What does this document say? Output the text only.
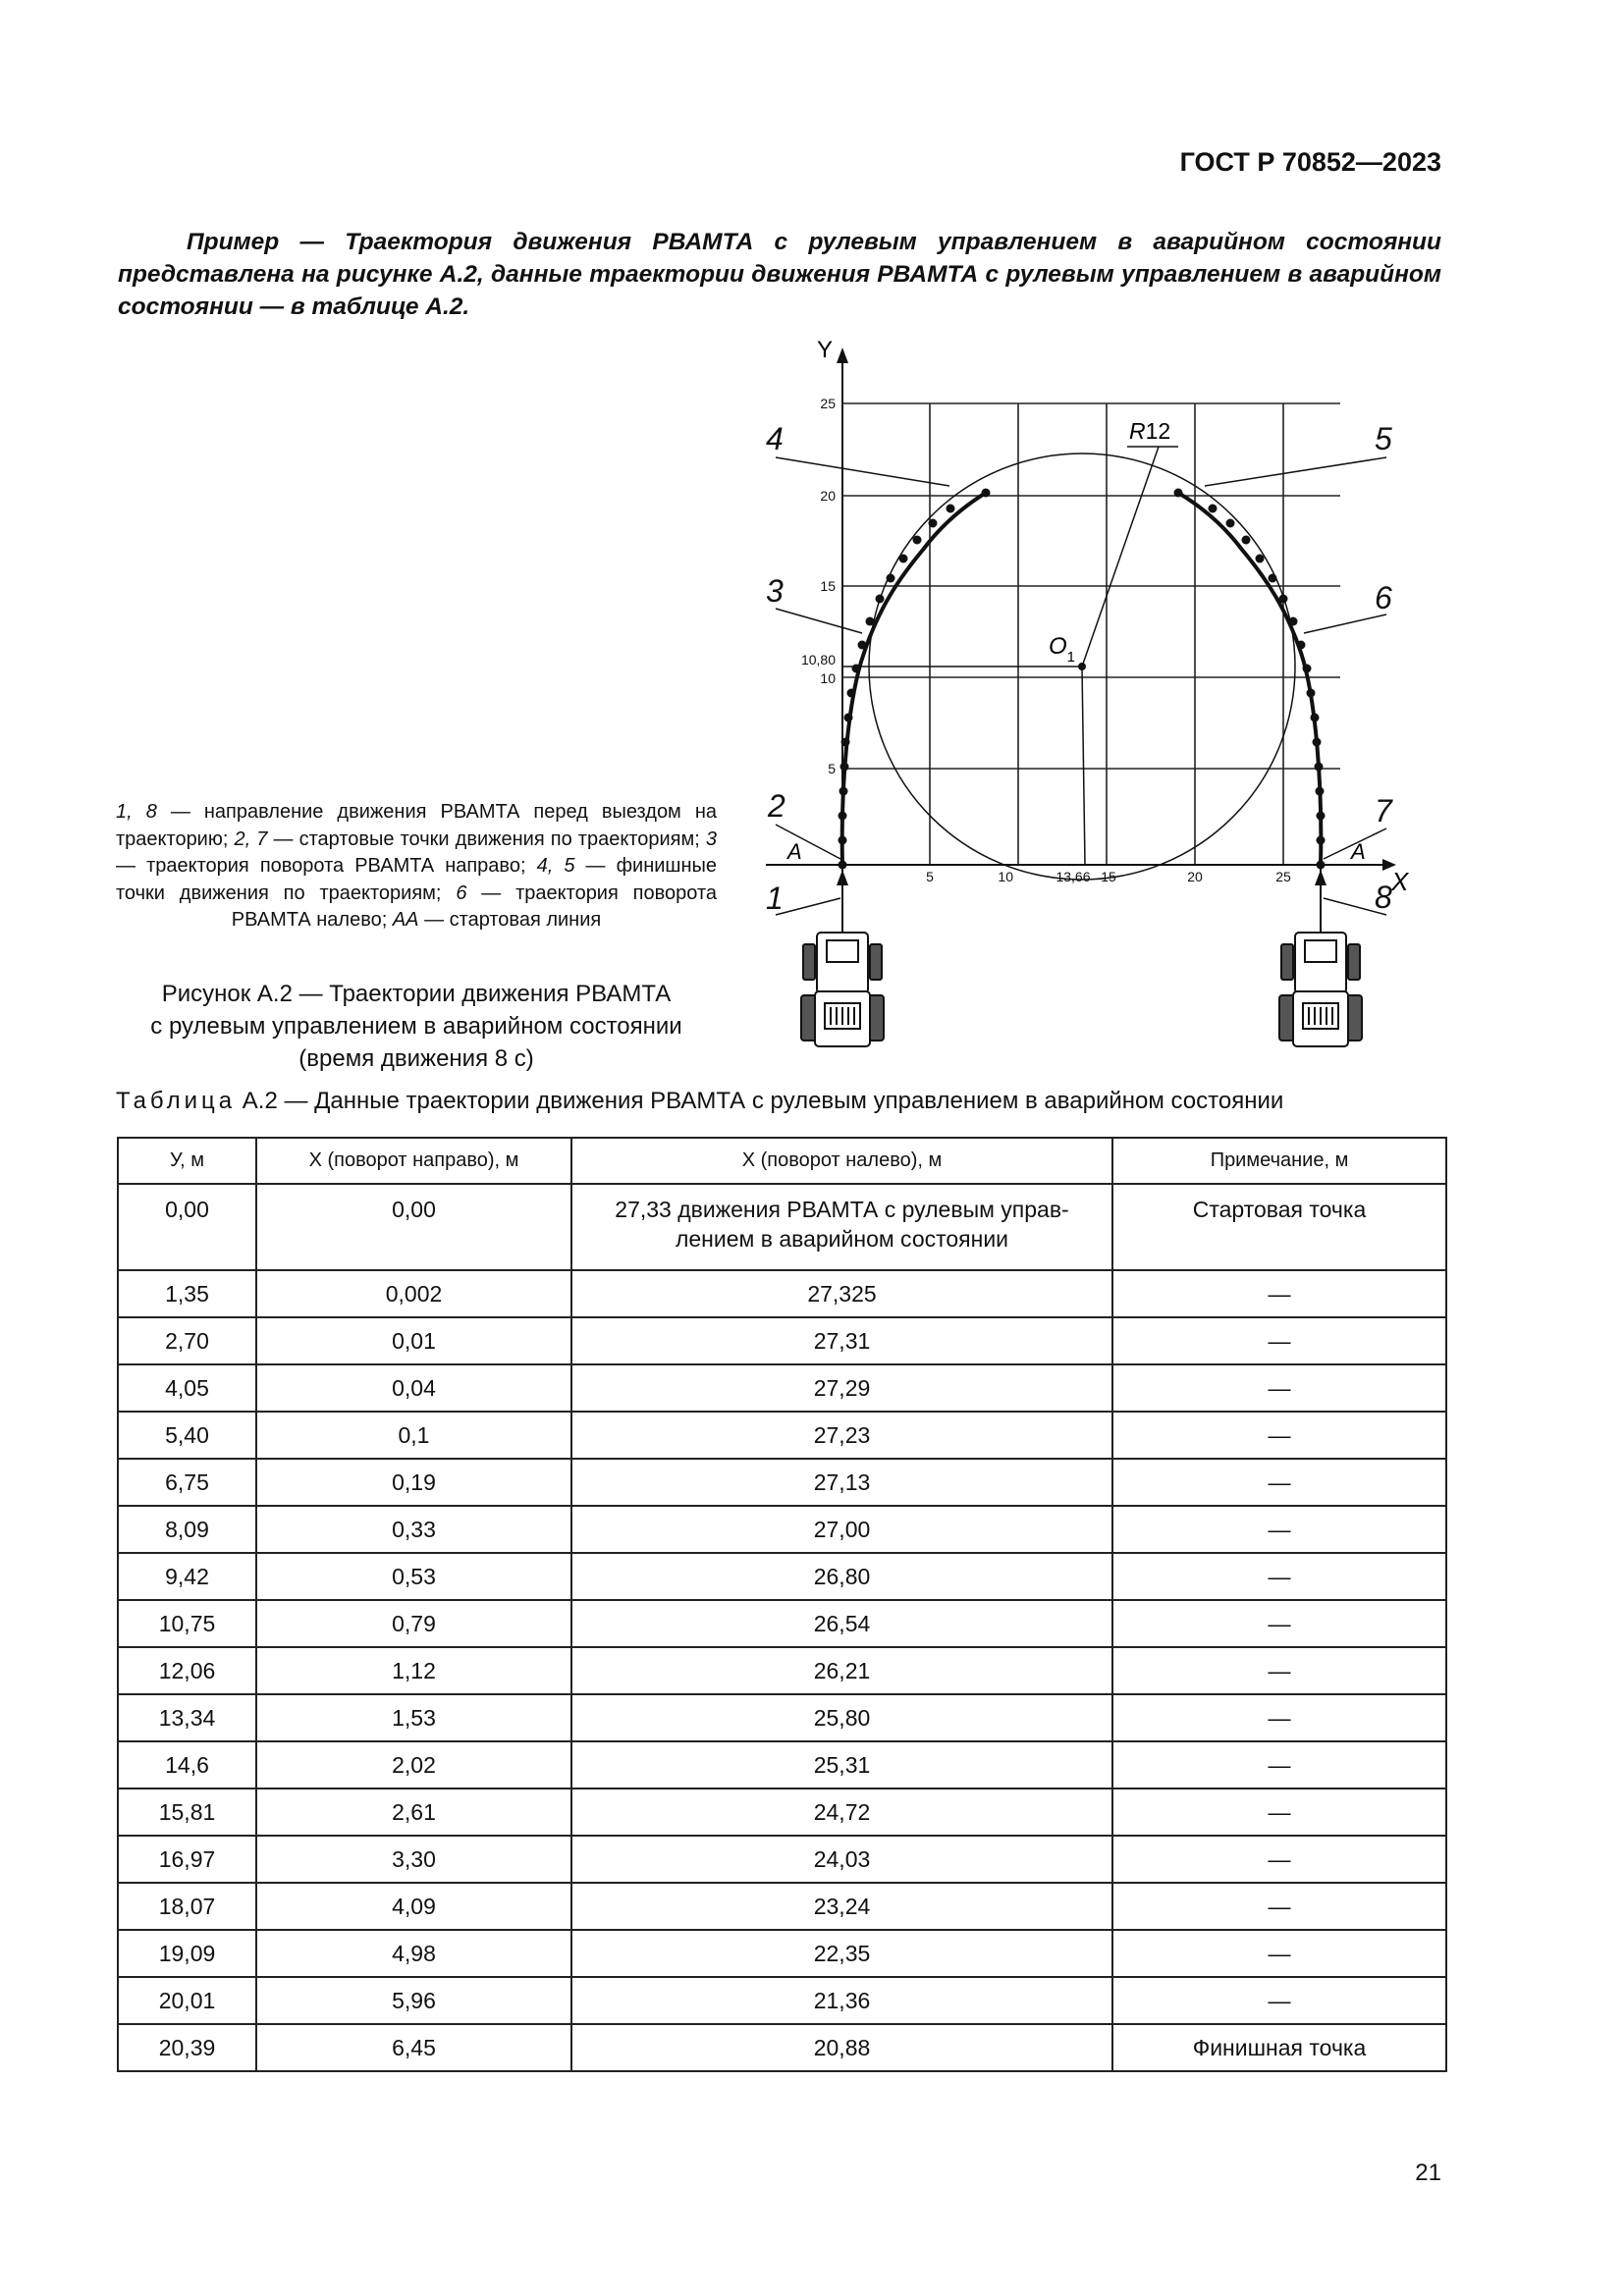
ГОСТ Р 70852—2023
Пример — Траектория движения РВАМТА с рулевым управлением в аварийном состоянии представлена на рисунке А.2, данные траектории движения РВАМТА с рулевым управлением в аварийном состоянии — в таблице А.2.
Y
X
25
20
15
10,80
10
5
5	10	13,66 15	20	25
R12
$O_1$
4	5
3	6
2	7
1	8
A	A
1, 8 — направление движения РВАМТА перед выездом на траекторию; 2, 7 — стартовые точки движения по траекториям; 3 — траектория поворота РВАМТА направо; 4, 5 — финишные точки движения по траекториям; 6 — траектория поворота РВАМТА налево; АА — стартовая линия
Рисунок А.2 — Траектории движения РВАМТА
с рулевым управлением в аварийном состоянии
(время движения 8 с)
Таблица А.2 — Данные траектории движения РВАМТА с рулевым управлением в аварийном состоянии
У, м	Х (поворот направо), м	Х (поворот налево), м	Примечание, м
0,00	0,00	27,33 движения РВАМТА с рулевым управ-лением в аварийном состоянии	Стартовая точка
1,35	0,002	27,325	—
2,70	0,01	27,31	—
4,05	0,04	27,29	—
5,40	0,1	27,23	—
6,75	0,19	27,13	—
8,09	0,33	27,00	—
9,42	0,53	26,80	—
10,75	0,79	26,54	—
12,06	1,12	26,21	—
13,34	1,53	25,80	—
14,6	2,02	25,31	—
15,81	2,61	24,72	—
16,97	3,30	24,03	—
18,07	4,09	23,24	—
19,09	4,98	22,35	—
20,01	5,96	21,36	—
20,39	6,45	20,88	Финишная точка
21
